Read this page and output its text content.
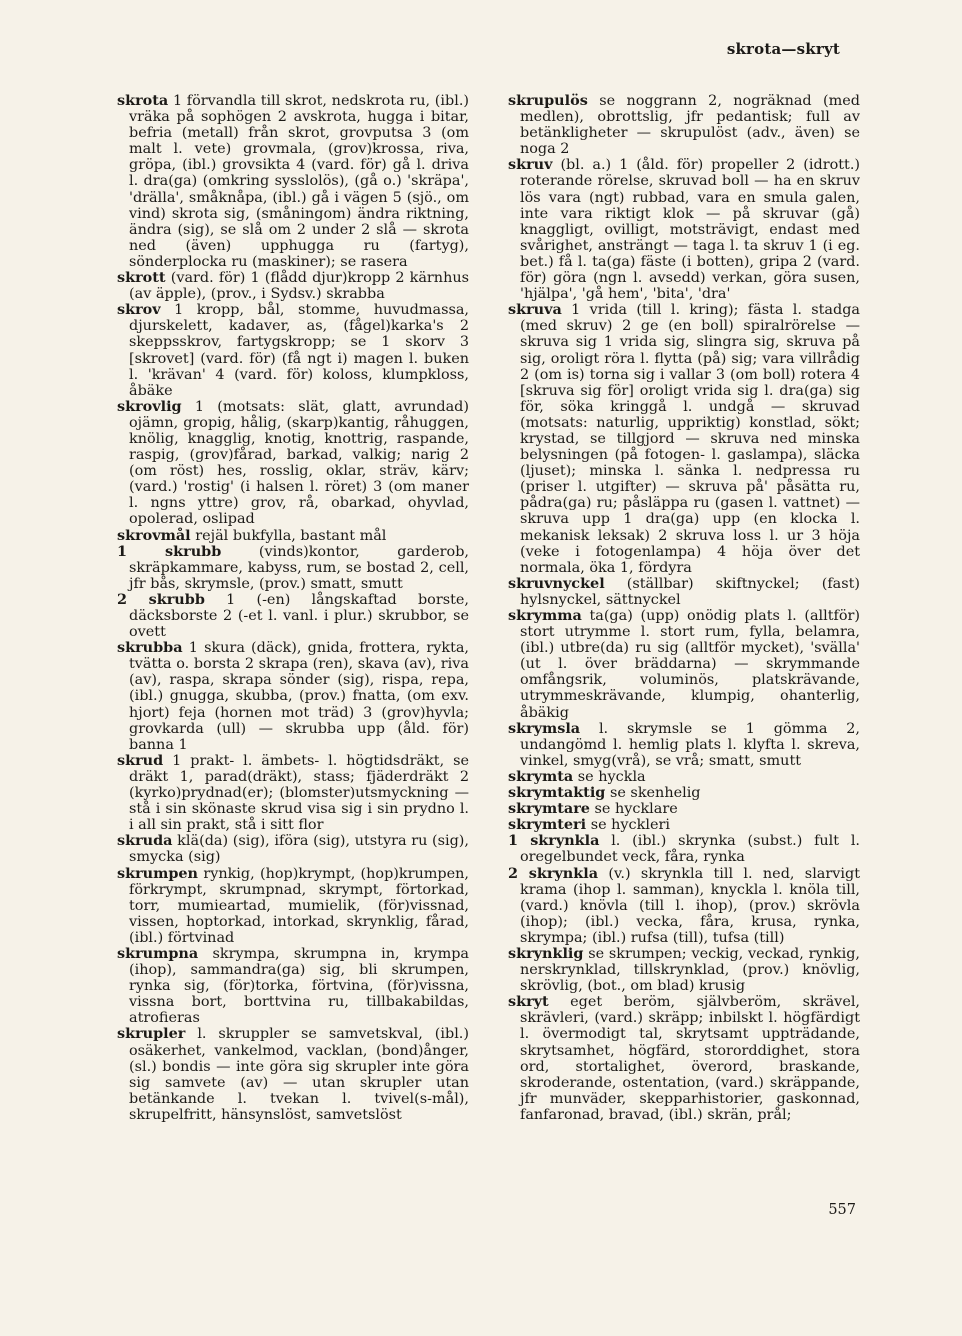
skrota—skryt

skrota 1 förvandla till skrot, nedskrota ru, (ibl.) vräka på sophögen 2 avskrota, hugga i bitar, befria (metall) från skrot, grovputsa 3 (om malt l. vete) grovmala, (grov)krossa, riva, gröpa, (ibl.) grovsikta 4 (vard. för) gå l. driva l. dra(ga) (omkring sysslolös), (gå o.) 'skräpa', 'drälla', småknåpa, (ibl.) gå i vägen 5 (sjö., om vind) skrota sig, (småningom) ändra riktning, ändra (sig), se slå om 2 under 2 slå — skrota ned (även) upphugga ru (fartyg), sönderplocka ru (maskiner); se rasera

skrott (vard. för) 1 (flådd djur)kropp 2 kärnhus (av äpple), (prov., i Sydsv.) skrabba

skrov 1 kropp, bål, stomme, huvudmassa, djurskelett, kadaver, as, (fågel)karka's 2 skeppsskrov, fartygskropp; se 1 skorv 3 [skrovet] (vard. för) (få ngt i) magen l. buken l. 'krävan' 4 (vard. för) koloss, klumpkloss, åbäke

skrovlig 1 (motsats: slät, glatt, avrundad) ojämn, gropig, hålig, (skarp)kantig, råhuggen, knölig, knagglig, knotig, knottrig, raspande, raspig, (grov)fårad, barkad, valkig; narig 2 (om röst) hes, rosslig, oklar, sträv, kärv; (vard.) 'rostig' (i halsen l. röret) 3 (om maner l. ngns yttre) grov, rå, obarkad, ohyvlad, opolerad, oslipad

skrovmål rejäl bukfylla, bastant mål

1 skrubb	(vinds)kontor, garderob, skräpkammare, kabyss, rum, se bostad 2, cell, jfr bås, skrymsle, (prov.) smatt, smutt

2 skrubb 1 (-en) långskaftad borste, däcksborste 2 (-et l. vanl. i plur.) skrubbor, se ovett

skrubba 1 skura (däck), gnida, frottera, rykta, tvätta o. borsta 2 skrapa (ren), skava (av), riva (av), raspa, skrapa sönder (sig), rispa, repa, (ibl.) gnugga, skubba, (prov.) fnatta, (om exv. hjort) feja (hornen mot träd) 3 (grov)hyvla; grovkarda (ull) — skrubba upp (åld. för) banna 1

skrud 1 prakt- l. ämbets- l. högtidsdräkt, se dräkt 1, parad(dräkt), stass; fjäderdräkt 2 (kyrko)prydnad(er); (blomster)utsmyckning — stå i sin skönaste skrud visa sig i sin prydno l. i all sin prakt, stå i sitt flor

skruda klä(da) (sig), iföra (sig), utstyra ru (sig), smycka (sig)

skrumpen rynkig, (hop)krympt, (hop)krumpen, förkrympt, skrumpnad, skrympt, förtorkad, torr, mumieartad, mumielik, (för)vissnad, vissen, hoptorkad, intorkad, skrynklig, fårad, (ibl.) förtvinad

skrumpna skrympa, skrumpna in, krympa (ihop), sammandra(ga) sig, bli skrumpen, rynka sig, (för)torka, förtvina, (för)vissna, vissna bort, borttvina ru, tillbakabildas, atrofieras

skrupler l. skruppler se samvetskval, (ibl.) osäkerhet, vankelmod, vacklan, (bond)ånger, (sl.) bondis — inte göra sig skrupler inte göra sig samvete (av) — utan skrupler utan betänkande l. tvekan l. tvivel(s-mål), skrupelfritt, hänsynslöst, samvetslöst

skrupulös se noggrann 2, nogräknad (med medlen), obrottslig, jfr pedantisk; full av betänkligheter — skrupulöst (adv., även) se noga 2

skruv (bl. a.) 1 (åld. för) propeller 2 (idrott.) roterande rörelse, skruvad boll — ha en skruv lös vara (ngt) rubbad, vara en smula galen, inte vara riktigt klok — på skruvar (gå) knaggligt, ovilligt, motsträvigt, endast med svårighet, ansträngt — taga l. ta skruv 1 (i eg. bet.) få l. ta(ga) fäste (i botten), gripa 2 (vard. för) göra (ngn l. avsedd) verkan, göra susen, 'hjälpa', 'gå hem', 'bita', 'dra'

skruva 1 vrida (till l. kring); fästa l. stadga (med skruv) 2 ge (en boll) spiralrörelse — skruva sig 1 vrida sig, slingra sig, skruva på sig, oroligt röra l. flytta (på) sig; vara villrådig 2 (om is) torna sig i vallar 3 (om boll) rotera 4 [skruva sig för] oroligt vrida sig l. dra(ga) sig för, söka kringgå l. undgå — skruvad (motsats: naturlig, uppriktig) konstlad, sökt; krystad, se tillgjord — skruva ned minska belysningen (på fotogen- l. gaslampa), släcka (ljuset); minska l. sänka l. nedpressa ru (priser l. utgifter) — skruva på' påsätta ru, pådra(ga) ru; påsläppa ru (gasen l. vattnet) — skruva upp 1 dra(ga) upp (en klocka l. mekanisk leksak) 2 skruva loss l. ur 3 höja (veke i fotogenlampa) 4 höja över det normala, öka 1, fördyra

skruvnyckel (ställbar) skiftnyckel; (fast) hylsnyckel, sättnyckel

skrymma ta(ga) (upp) onödig plats l. (alltför) stort utrymme l. stort rum, fylla, belamra, (ibl.) utbre(da) ru sig (alltför mycket), 'svälla' (ut l. över bräddarna) — skrymmande omfångsrik, voluminös, platskrävande, utrymmeskrävande, klumpig, ohanterlig, åbäkig

skrymsla l. skrymsle se 1 gömma 2, undangömd l. hemlig plats l. klyfta l. skreva, vinkel, smyg(vrå), se vrå; smatt, smutt

skrymta se hyckla

skrymtaktig se skenhelig

skrymtare se hycklare

skrymteri se hyckleri

1 skrynkla l. (ibl.) skrynka (subst.) fult l. oregelbundet veck, fåra, rynka

2 skrynkla (v.) skrynkla till l. ned, slarvigt krama (ihop l. samman), knyckla l. knöla till, (vard.) knövla (till l. ihop), (prov.) skrövla (ihop); (ibl.) vecka, fåra, krusa, rynka, skrympa; (ibl.) rufsa (till), tufsa (till)

skrynklig se skrumpen; veckig, veckad, rynkig, nerskrynklad, tillskrynklad, (prov.) knövlig, skrövlig, (bot., om blad) krusig

skryt eget beröm, självberöm, skrävel, skrävleri, (vard.) skräpp; inbilskt l. högfärdigt l. övermodigt tal, skrytsamt uppträdande, skrytsamhet, högfärd, stororddighet, stora ord, stortalighet, överord, braskande, skroderande, ostentation, (vard.) skräppande, jfr munväder, skepparhistorier, gaskonnad, fanfaronad, bravad, (ibl.) skrän, prål;

557
